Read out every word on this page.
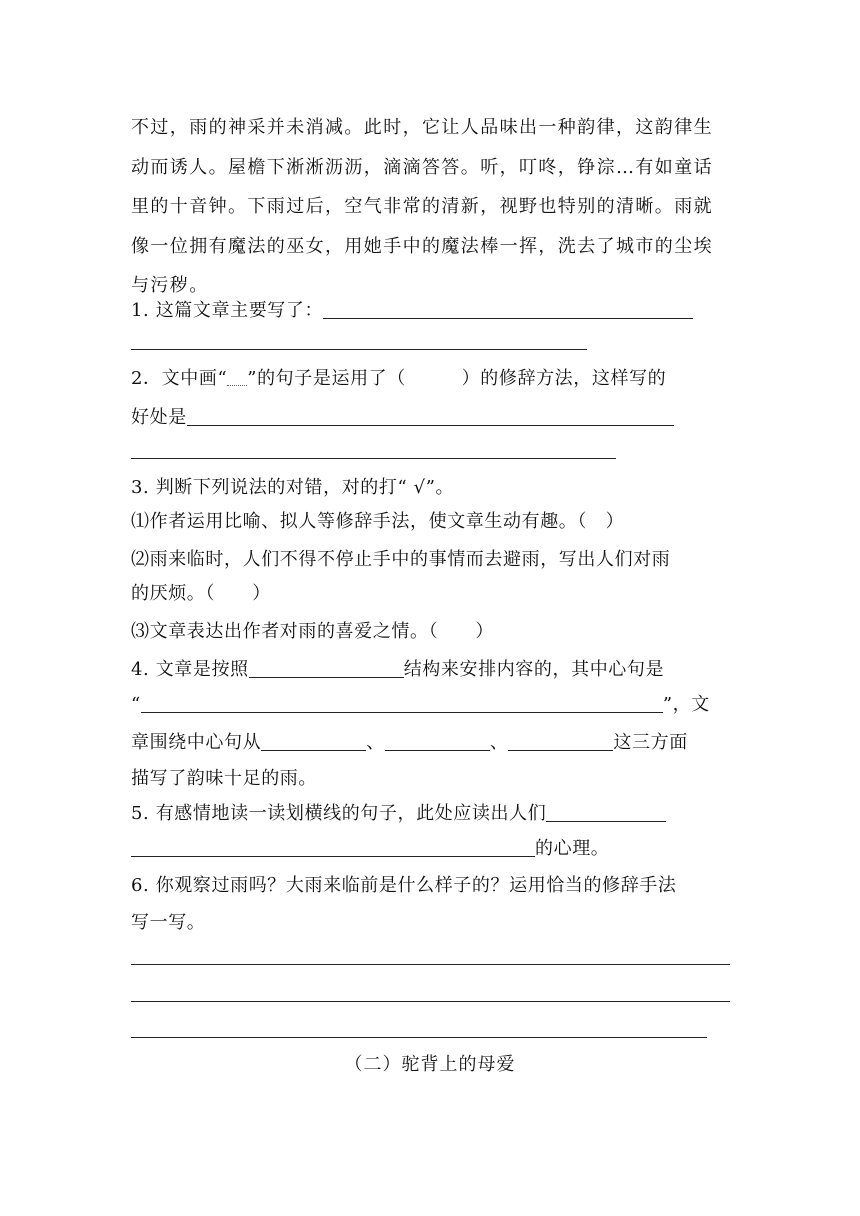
不过，雨的神采并未消减。此时，它让人品味出一种韵律，这韵律生
动而诱人。屋檐下淅淅沥沥，滴滴答答。听，叮咚，铮淙…有如童话
里的十音钟。下雨过后，空气非常的清新，视野也特别的清晰。雨就
像一位拥有魔法的巫女，用她手中的魔法棒一挥，洗去了城市的尘埃
与污秽。
1. 这篇文章主要写了：
2．文中画“ ”的句子是运用了（　　　）的修辞方法，这样写的
好处是
3. 判断下列说法的对错，对的打“ √”。
⑴作者运用比喻、拟人等修辞手法，使文章生动有趣。（　）
⑵雨来临时，人们不得不停止手中的事情而去避雨，写出人们对雨
的厌烦。（　　）
⑶文章表达出作者对雨的喜爱之情。（　　）
4. 文章是按照	结构来安排内容的，其中心句是
“	”，文
章围绕中心句从	、	、	这三方面
描写了韵味十足的雨。
5. 有感情地读一读划横线的句子，此处应读出人们
的心理。
6. 你观察过雨吗？大雨来临前是什么样子的？运用恰当的修辞手法
写一写。
（二）驼背上的母爱
